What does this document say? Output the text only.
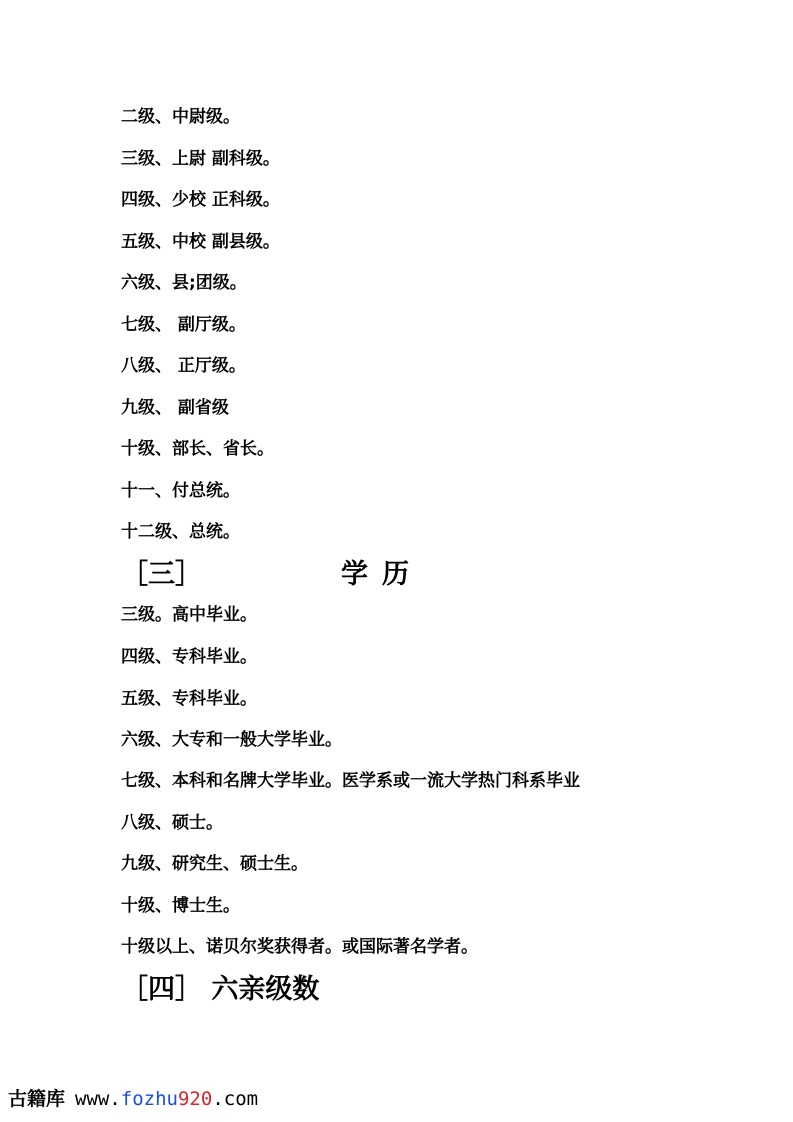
二级、中尉级。
三级、上尉 副科级。
四级、少校 正科级。
五级、中校 副县级。
六级、县;团级。
七级、 副厅级。
八级、 正厅级。
九级、 副省级
十级、部长、省长。
十一、付总统。
十二级、总统。
［三］	学历
三级。高中毕业。
四级、专科毕业。
五级、专科毕业。
六级、大专和一般大学毕业。
七级、本科和名牌大学毕业。医学系或一流大学热门科系毕业
八级、硕士。
九级、研究生、硕士生。
十级、博士生。
十级以上、诺贝尔奖获得者。或国际著名学者。
［四］ 六亲级数
古籍库 www.fozhu920.com
